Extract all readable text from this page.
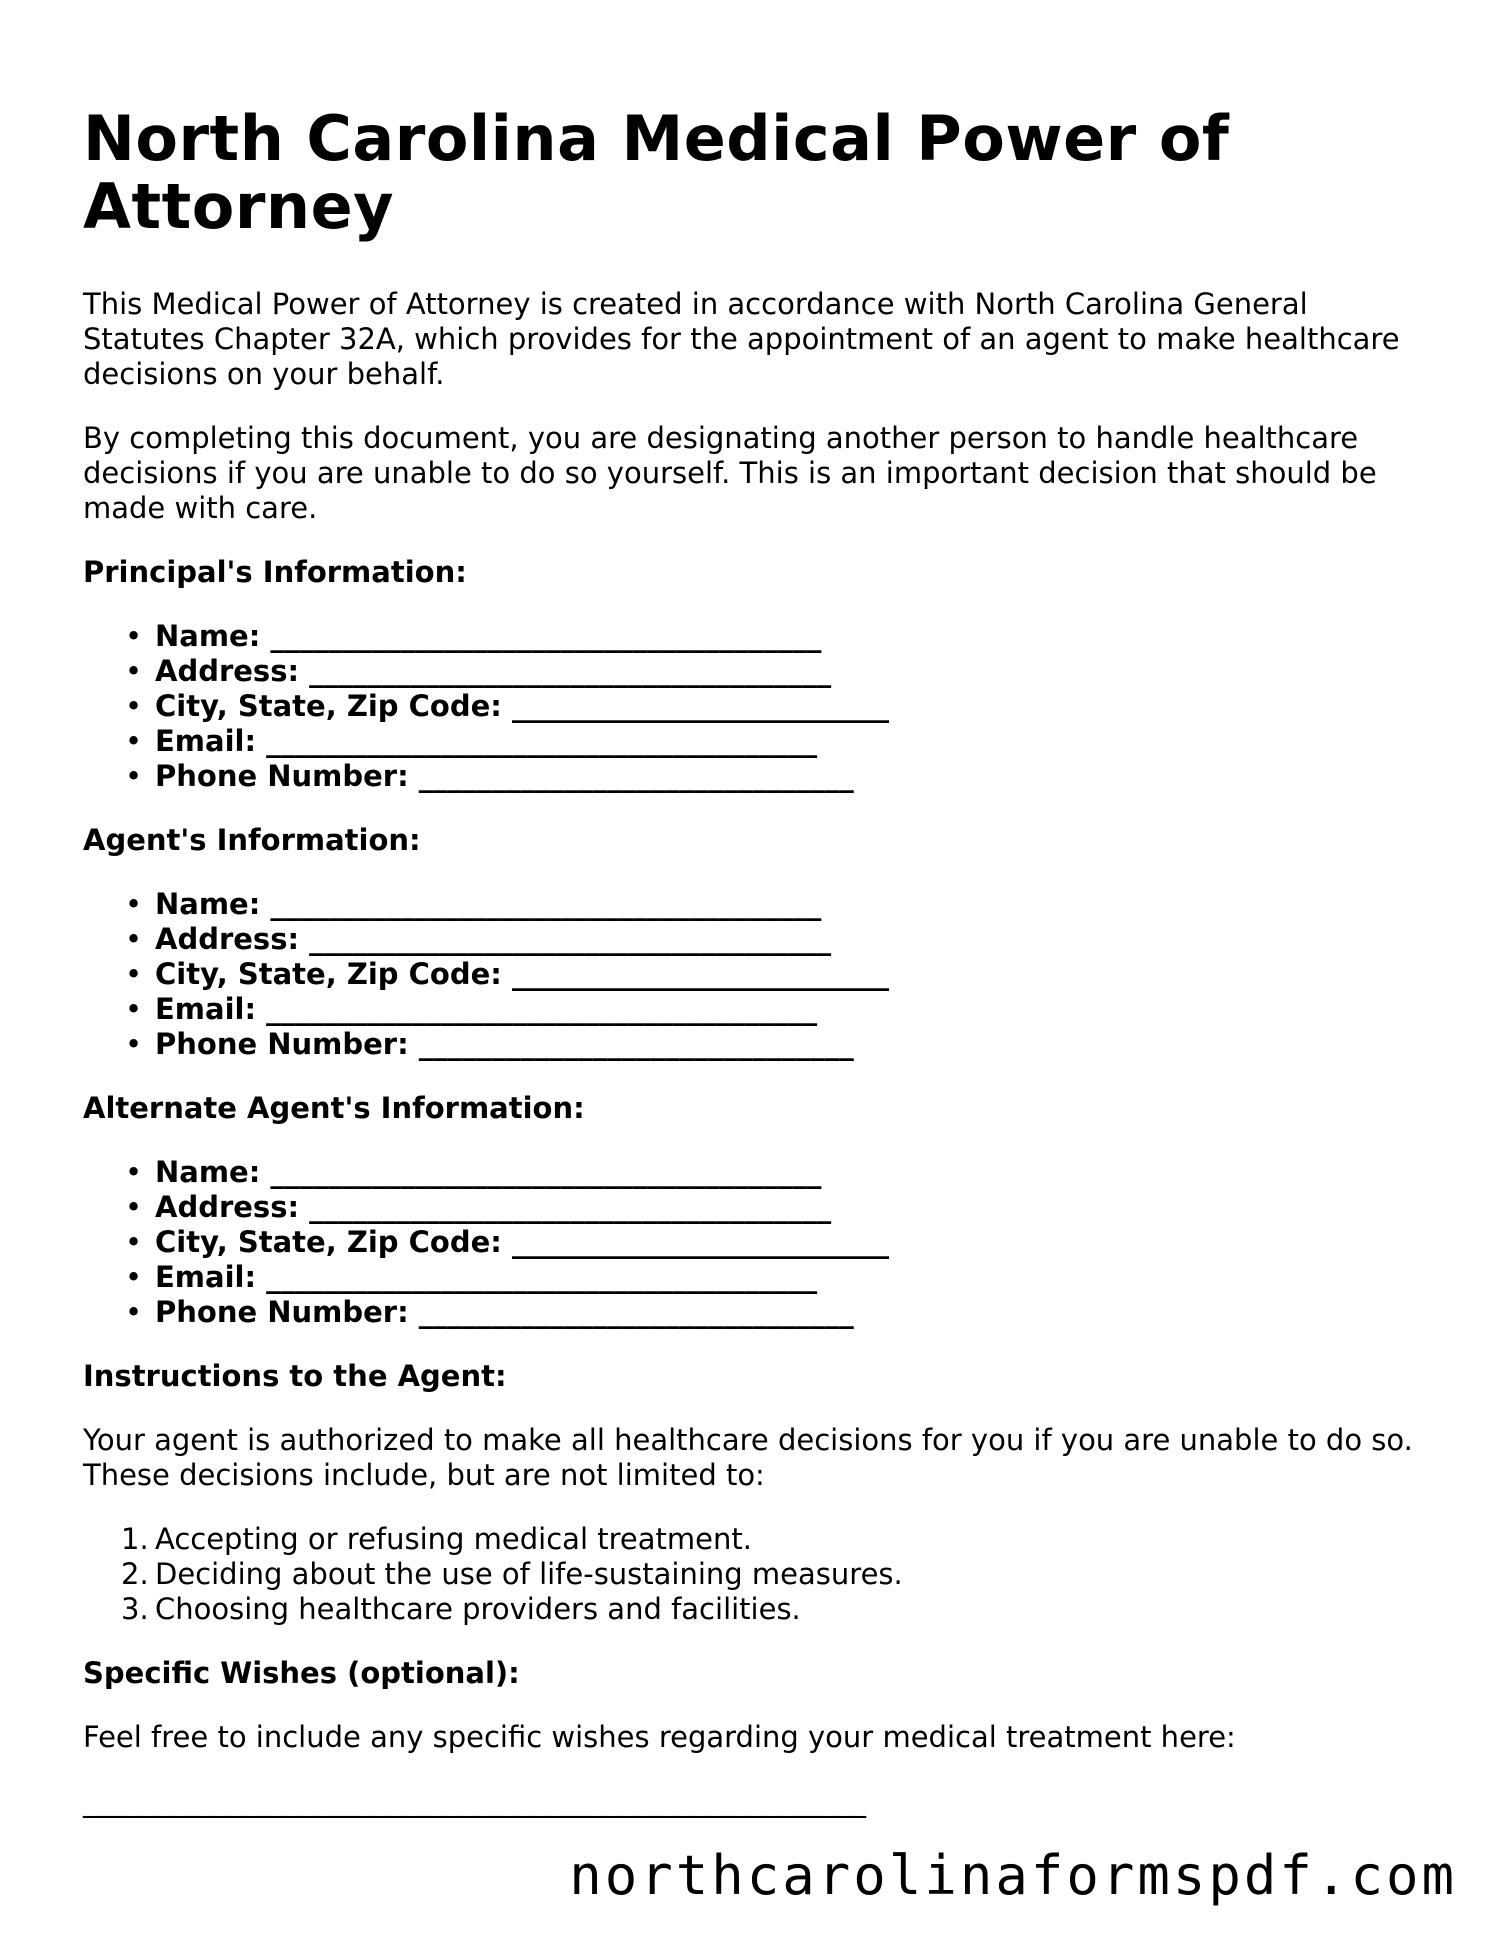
North Carolina Medical Power of Attorney

This Medical Power of Attorney is created in accordance with North Carolina General Statutes Chapter 32A, which provides for the appointment of an agent to make healthcare decisions on your behalf.

By completing this document, you are designating another person to handle healthcare decisions if you are unable to do so yourself. This is an important decision that should be made with care.

Principal's Information:
• Name: ______________________________________
• Address: ____________________________________
• City, State, Zip Code: __________________________
• Email: ______________________________________
• Phone Number: ______________________________
Agent's Information:
• Name: ______________________________________
• Address: ____________________________________
• City, State, Zip Code: __________________________
• Email: ______________________________________
• Phone Number: ______________________________
Alternate Agent's Information:
• Name: ______________________________________
• Address: ____________________________________
• City, State, Zip Code: __________________________
• Email: ______________________________________
• Phone Number: ______________________________
Instructions to the Agent:

Your agent is authorized to make all healthcare decisions for you if you are unable to do so. These decisions include, but are not limited to:

1. Accepting or refusing medical treatment.
2. Deciding about the use of life-sustaining measures.
3. Choosing healthcare providers and facilities.
Specific Wishes (optional):

Feel free to include any specific wishes regarding your medical treatment here:

______________________________________________________
northcarolinaformspdf.com
